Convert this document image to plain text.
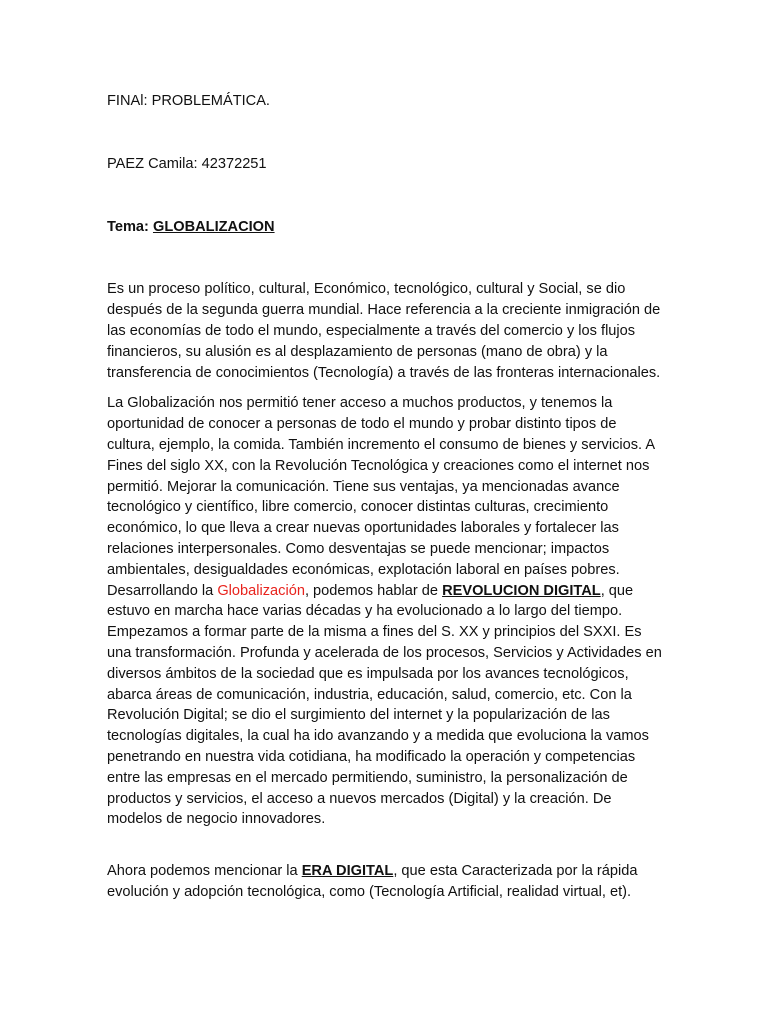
FINAl: PROBLEMÁTICA.

PAEZ Camila: 42372251

Tema: GLOBALIZACION

Es un proceso político, cultural, Económico, tecnológico, cultural y Social, se dio después de la segunda guerra mundial. Hace referencia a la creciente inmigración de las economías de todo el mundo, especialmente a través del comercio y los flujos financieros, su alusión es al desplazamiento de personas (mano de obra) y la transferencia de conocimientos (Tecnología) a través de las fronteras internacionales.

La Globalización nos permitió tener acceso a muchos productos, y tenemos la oportunidad de conocer a personas de todo el mundo y probar distinto tipos de cultura, ejemplo, la comida. También incremento el consumo de bienes y servicios. A Fines del siglo XX, con la Revolución Tecnológica y creaciones como el internet nos permitió. Mejorar la comunicación. Tiene sus ventajas, ya mencionadas avance tecnológico y científico, libre comercio, conocer distintas culturas, crecimiento económico, lo que lleva a crear nuevas oportunidades laborales y fortalecer las relaciones interpersonales. Como desventajas se puede mencionar; impactos ambientales, desigualdades económicas, explotación laboral en países pobres. Desarrollando la Globalización, podemos hablar de REVOLUCION DIGITAL, que estuvo en marcha hace varias décadas y ha evolucionado a lo largo del tiempo. Empezamos a formar parte de la misma a fines del S. XX y principios del SXXI. Es una transformación. Profunda y acelerada de los procesos, Servicios y Actividades en diversos ámbitos de la sociedad que es impulsada por los avances tecnológicos, abarca áreas de comunicación, industria, educación, salud, comercio, etc. Con la Revolución Digital; se dio el surgimiento del internet y la popularización de las tecnologías digitales, la cual ha ido avanzando y a medida que evoluciona la vamos penetrando en nuestra vida cotidiana, ha modificado la operación y competencias entre las empresas en el mercado permitiendo, suministro, la personalización de productos y servicios, el acceso a nuevos mercados (Digital) y la creación. De modelos de negocio innovadores.

Ahora podemos mencionar la ERA DIGITAL, que esta Caracterizada por la rápida evolución y adopción tecnológica, como (Tecnología Artificial, realidad virtual, et).
